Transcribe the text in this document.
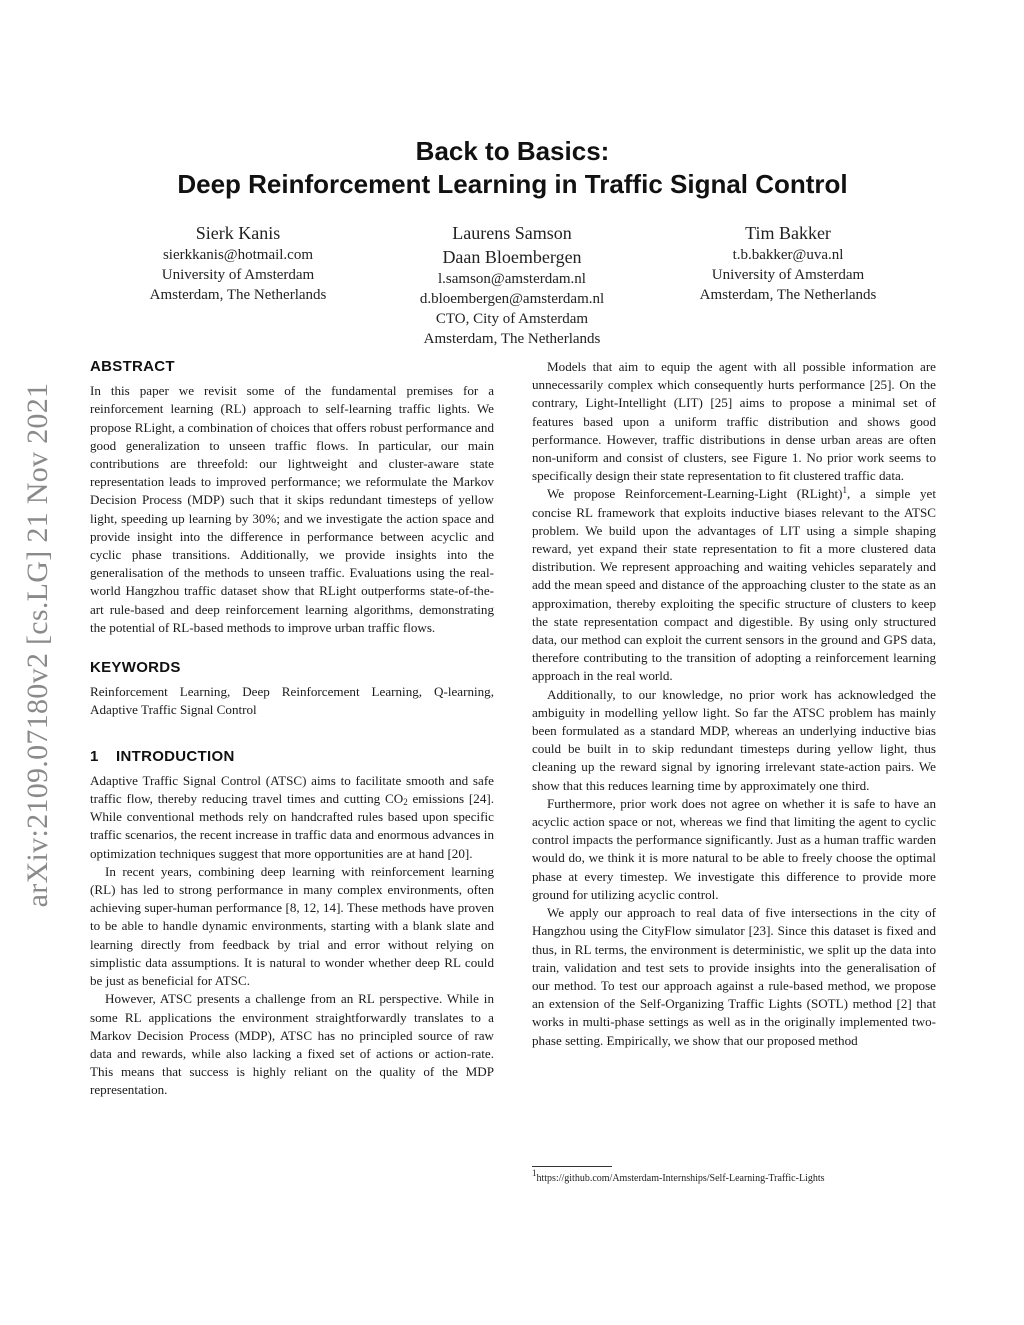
arXiv:2109.07180v2 [cs.LG] 21 Nov 2021
Back to Basics:
Deep Reinforcement Learning in Traffic Signal Control
Sierk Kanis
sierkkanis@hotmail.com
University of Amsterdam
Amsterdam, The Netherlands
Laurens Samson
Daan Bloembergen
l.samson@amsterdam.nl
d.bloembergen@amsterdam.nl
CTO, City of Amsterdam
Amsterdam, The Netherlands
Tim Bakker
t.b.bakker@uva.nl
University of Amsterdam
Amsterdam, The Netherlands
ABSTRACT

In this paper we revisit some of the fundamental premises for a reinforcement learning (RL) approach to self-learning traffic lights. We propose RLight, a combination of choices that offers robust performance and good generalization to unseen traffic flows. In particular, our main contributions are threefold: our lightweight and cluster-aware state representation leads to improved performance; we reformulate the Markov Decision Process (MDP) such that it skips redundant timesteps of yellow light, speeding up learning by 30%; and we investigate the action space and provide insight into the difference in performance between acyclic and cyclic phase transitions. Additionally, we provide insights into the generalisation of the methods to unseen traffic. Evaluations using the real-world Hangzhou traffic dataset show that RLight outperforms state-of-the-art rule-based and deep reinforcement learning algorithms, demonstrating the potential of RL-based methods to improve urban traffic flows.

KEYWORDS

Reinforcement Learning, Deep Reinforcement Learning, Q-learning, Adaptive Traffic Signal Control

1 INTRODUCTION

Adaptive Traffic Signal Control (ATSC) aims to facilitate smooth and safe traffic flow, thereby reducing travel times and cutting $CO_2$ emissions [24]. While conventional methods rely on handcrafted rules based upon specific traffic scenarios, the recent increase in traffic data and enormous advances in optimization techniques suggest that more opportunities are at hand [20].

In recent years, combining deep learning with reinforcement learning (RL) has led to strong performance in many complex environments, often achieving super-human performance [8, 12, 14]. These methods have proven to be able to handle dynamic environments, starting with a blank slate and learning directly from feedback by trial and error without relying on simplistic data assumptions. It is natural to wonder whether deep RL could be just as beneficial for ATSC.

However, ATSC presents a challenge from an RL perspective. While in some RL applications the environment straightforwardly translates to a Markov Decision Process (MDP), ATSC has no principled source of raw data and rewards, while also lacking a fixed set of actions or action-rate. This means that success is highly reliant on the quality of the MDP representation.

Models that aim to equip the agent with all possible information are unnecessarily complex which consequently hurts performance [25]. On the contrary, Light-Intellight (LIT) [25] aims to propose a minimal set of features based upon a uniform traffic distribution and shows good performance. However, traffic distributions in dense urban areas are often non-uniform and consist of clusters, see Figure 1. No prior work seems to specifically design their state representation to fit clustered traffic data.

We propose Reinforcement-Learning-Light (RLight)$^1$, a simple yet concise RL framework that exploits inductive biases relevant to the ATSC problem. We build upon the advantages of LIT using a simple shaping reward, yet expand their state representation to fit a more clustered data distribution. We represent approaching and waiting vehicles separately and add the mean speed and distance of the approaching cluster to the state as an approximation, thereby exploiting the specific structure of clusters to keep the state representation compact and digestible. By using only structured data, our method can exploit the current sensors in the ground and GPS data, therefore contributing to the transition of adopting a reinforcement learning approach in the real world.

Additionally, to our knowledge, no prior work has acknowledged the ambiguity in modelling yellow light. So far the ATSC problem has mainly been formulated as a standard MDP, whereas an underlying inductive bias could be built in to skip redundant timesteps during yellow light, thus cleaning up the reward signal by ignoring irrelevant state-action pairs. We show that this reduces learning time by approximately one third.

Furthermore, prior work does not agree on whether it is safe to have an acyclic action space or not, whereas we find that limiting the agent to cyclic control impacts the performance significantly. Just as a human traffic warden would do, we think it is more natural to be able to freely choose the optimal phase at every timestep. We investigate this difference to provide more ground for utilizing acyclic control.

We apply our approach to real data of five intersections in the city of Hangzhou using the CityFlow simulator [23]. Since this dataset is fixed and thus, in RL terms, the environment is deterministic, we split up the data into train, validation and test sets to provide insights into the generalisation of our method. To test our approach against a rule-based method, we propose an extension of the Self-Organizing Traffic Lights (SOTL) method [2] that works in multi-phase settings as well as in the originally implemented two-phase setting. Empirically, we show that our proposed method

$^1$https://github.com/Amsterdam-Internships/Self-Learning-Traffic-Lights
